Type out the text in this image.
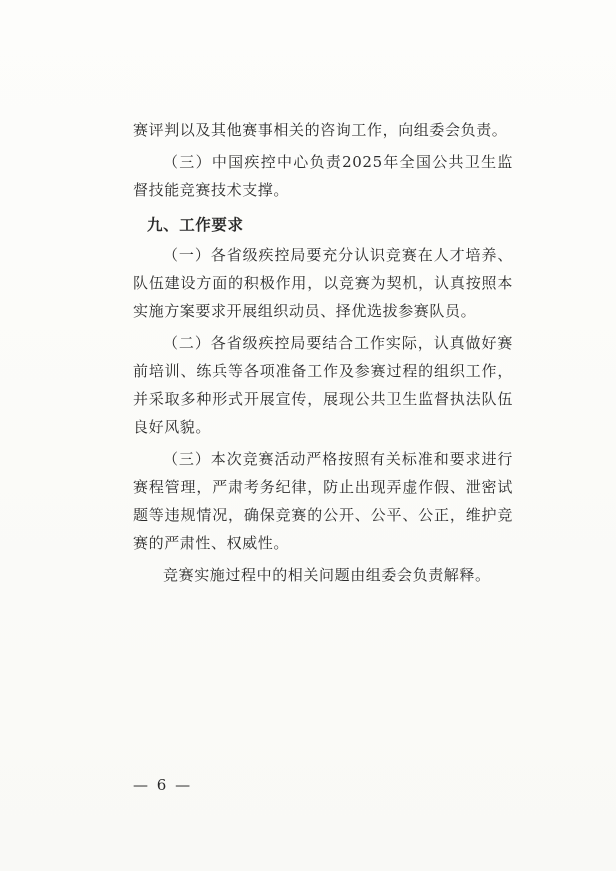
赛评判以及其他赛事相关的咨询工作，向组委会负责。

（三）中国疾控中心负责2025年全国公共卫生监督技能竞赛技术支撑。

九、工作要求

（一）各省级疾控局要充分认识竞赛在人才培养、队伍建设方面的积极作用，以竞赛为契机，认真按照本实施方案要求开展组织动员、择优选拔参赛队员。

（二）各省级疾控局要结合工作实际，认真做好赛前培训、练兵等各项准备工作及参赛过程的组织工作，并采取多种形式开展宣传，展现公共卫生监督执法队伍良好风貌。

（三）本次竞赛活动严格按照有关标准和要求进行赛程管理，严肃考务纪律，防止出现弄虚作假、泄密试题等违规情况，确保竞赛的公开、公平、公正，维护竞赛的严肃性、权威性。

竞赛实施过程中的相关问题由组委会负责解释。

— 6 —
